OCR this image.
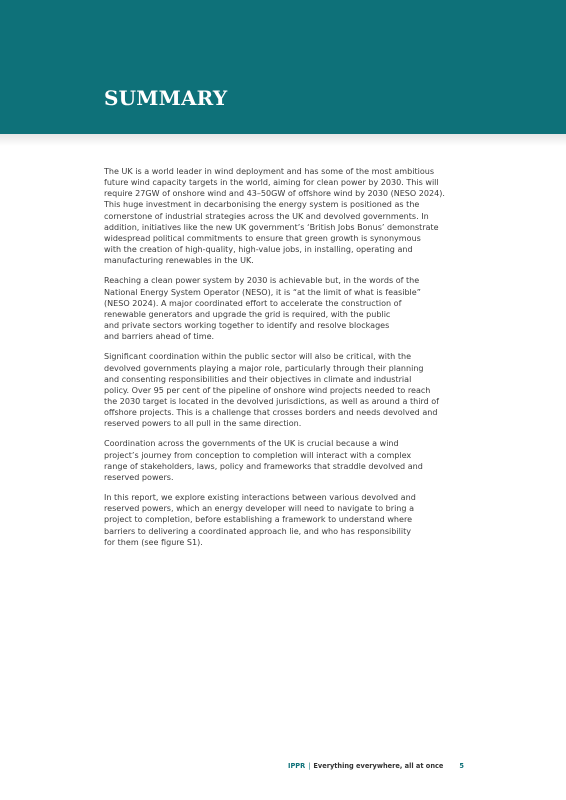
SUMMARY

The UK is a world leader in wind deployment and has some of the most ambitious
future wind capacity targets in the world, aiming for clean power by 2030. This will
require 27GW of onshore wind and 43–50GW of offshore wind by 2030 (NESO 2024).
This huge investment in decarbonising the energy system is positioned as the
cornerstone of industrial strategies across the UK and devolved governments. In
addition, initiatives like the new UK government’s ‘British Jobs Bonus’ demonstrate
widespread political commitments to ensure that green growth is synonymous
with the creation of high-quality, high-value jobs, in installing, operating and
manufacturing renewables in the UK.

Reaching a clean power system by 2030 is achievable but, in the words of the
National Energy System Operator (NESO), it is “at the limit of what is feasible”
(NESO 2024). A major coordinated effort to accelerate the construction of
renewable generators and upgrade the grid is required, with the public
and private sectors working together to identify and resolve blockages
and barriers ahead of time.

Significant coordination within the public sector will also be critical, with the
devolved governments playing a major role, particularly through their planning
and consenting responsibilities and their objectives in climate and industrial
policy. Over 95 per cent of the pipeline of onshore wind projects needed to reach
the 2030 target is located in the devolved jurisdictions, as well as around a third of
offshore projects. This is a challenge that crosses borders and needs devolved and
reserved powers to all pull in the same direction.

Coordination across the governments of the UK is crucial because a wind
project’s journey from conception to completion will interact with a complex
range of stakeholders, laws, policy and frameworks that straddle devolved and
reserved powers.

In this report, we explore existing interactions between various devolved and
reserved powers, which an energy developer will need to navigate to bring a
project to completion, before establishing a framework to understand where
barriers to delivering a coordinated approach lie, and who has responsibility
for them (see figure S1).

IPPR | Everything everywhere, all at once 5
